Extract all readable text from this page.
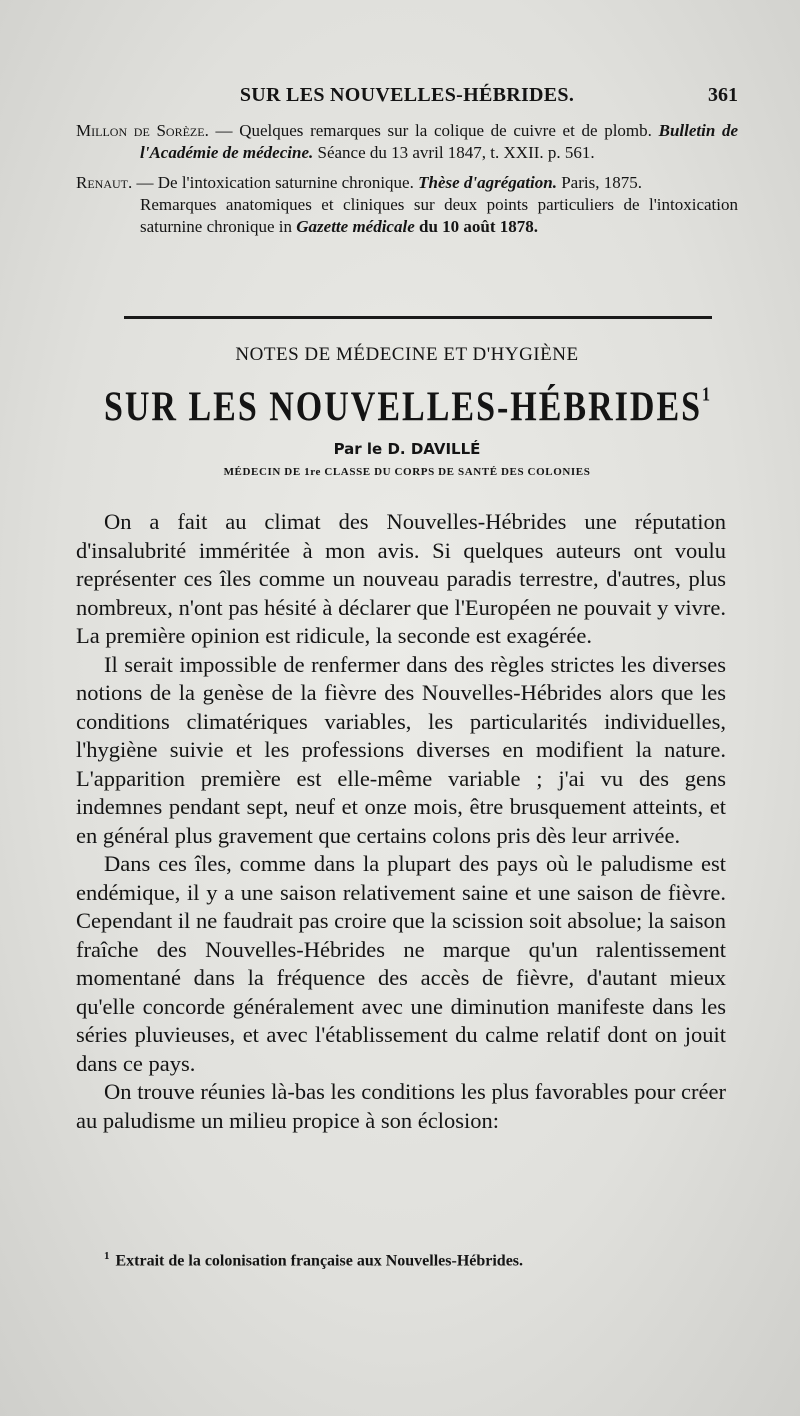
SUR LES NOUVELLES-HÉBRIDES.	361

Millon de Sorèze. — Quelques remarques sur la colique de cuivre et de plomb. Bulletin de l'Académie de médecine. Séance du 13 avril 1847, t. XXII. p. 561.

Renaut. — De l'intoxication saturnine chronique. Thèse d'agrégation. Paris, 1875.
Remarques anatomiques et cliniques sur deux points particuliers de l'intoxication saturnine chronique in Gazette médicale du 10 août 1878.

NOTES DE MÉDECINE ET D'HYGIÈNE
SUR LES NOUVELLES-HÉBRIDES$^1$
Par le D. DAVILLÉ
MÉDECIN DE 1re CLASSE DU CORPS DE SANTÉ DES COLONIES

On a fait au climat des Nouvelles-Hébrides une réputation d'insalubrité imméritée à mon avis. Si quelques auteurs ont voulu représenter ces îles comme un nouveau paradis terrestre, d'autres, plus nombreux, n'ont pas hésité à déclarer que l'Européen ne pouvait y vivre. La première opinion est ridicule, la seconde est exagérée.

Il serait impossible de renfermer dans des règles strictes les diverses notions de la genèse de la fièvre des Nouvelles-Hébrides alors que les conditions climatériques variables, les particularités individuelles, l'hygiène suivie et les professions diverses en modifient la nature. L'apparition première est elle-même variable ; j'ai vu des gens indemnes pendant sept, neuf et onze mois, être brusquement atteints, et en général plus gravement que certains colons pris dès leur arrivée.

Dans ces îles, comme dans la plupart des pays où le paludisme est endémique, il y a une saison relativement saine et une saison de fièvre. Cependant il ne faudrait pas croire que la scission soit absolue; la saison fraîche des Nouvelles-Hébrides ne marque qu'un ralentissement momentané dans la fréquence des accès de fièvre, d'autant mieux qu'elle concorde généralement avec une diminution manifeste dans les séries pluvieuses, et avec l'établissement du calme relatif dont on jouit dans ce pays.

On trouve réunies là-bas les conditions les plus favorables pour créer au paludisme un milieu propice à son éclosion:

$^1$ Extrait de la colonisation française aux Nouvelles-Hébrides.
